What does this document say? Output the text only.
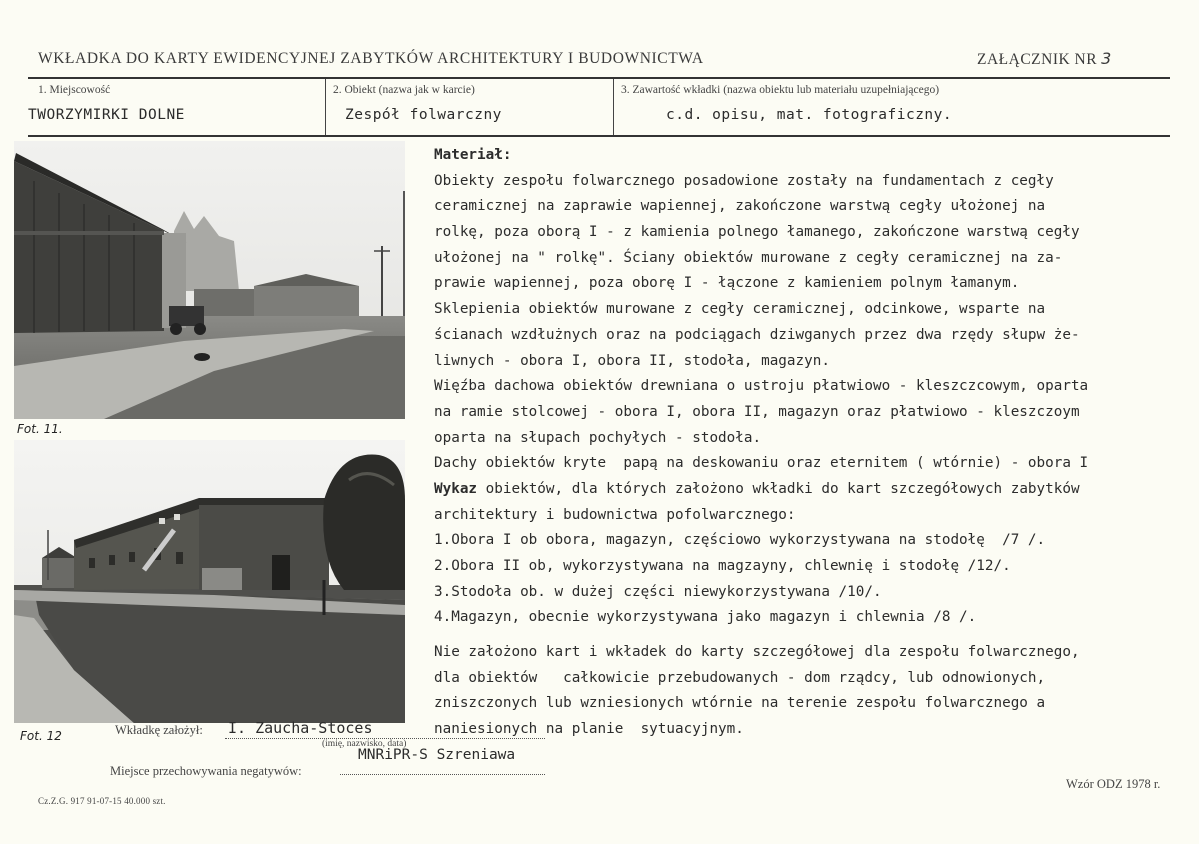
WKŁADKA DO KARTY EWIDENCYJNEJ ZABYTKÓW ARCHITEKTURY I BUDOWNICTWA	ZAŁĄCZNIK NR 3
1. Miejscowość
TWORZYMIRKI DOLNE
2. Obiekt (nazwa jak w karcie)
Zespół folwarczny
3. Zawartość wkładki (nazwa obiektu lub materiału uzupełniającego)
c.d. opisu, mat. fotograficzny.
Fot. 11.
Fot. 12
Materiał:
Obiekty zespołu folwarcznego posadowione zostały na fundamentach z cegły
ceramicznej na zaprawie wapiennej, zakończone warstwą cegły ułożonej na
rolkę, poza oborą I - z kamienia polnego łamanego, zakończone warstwą cegły
ułożonej na " rolkę". Ściany obiektów murowane z cegły ceramicznej na za-
prawie wapiennej, poza oborę I - łączone z kamieniem polnym łamanym.
Sklepienia obiektów murowane z cegły ceramicznej, odcinkowe, wsparte na
ścianach wzdłużnych oraz na podciągach dziwganych przez dwa rzędy słupw że-
liwnych - obora I, obora II, stodoła, magazyn.
Więźba dachowa obiektów drewniana o ustroju płatwiowo - kleszczcowym, oparta
na ramie stolcowej - obora I, obora II, magazyn oraz płatwiowo - kleszczoym
oparta na słupach pochyłych - stodoła.
Dachy obiektów kryte  papą na deskowaniu oraz eternitem ( wtórnie) - obora I
Wykaz obiektów, dla których założono wkładki do kart szczegółowych zabytków
architektury i budownictwa pofolwarcznego:
1.Obora I ob obora, magazyn, częściowo wykorzystywana na stodołę  /7 /.
2.Obora II ob, wykorzystywana na magzayny, chlewnię i stodołę /12/.
3.Stodoła ob. w dużej części niewykorzystywana /10/.
4.Magazyn, obecnie wykorzystywana jako magazyn i chlewnia /8 /.
Nie założono kart i wkładek do karty szczegółowej dla zespołu folwarcznego,
dla obiektów   całkowicie przebudowanych - dom rządcy, lub odnowionych,
zniszczonych lub wzniesionych wtórnie na terenie zespołu folwarcznego a
naniesionych na planie  sytuacyjnym.
Wkładkę założył: I. Zaucha-Stoces
(imię, nazwisko, data)
Miejsce przechowywania negatywów:
MNRiPR-S Szreniawa
Wzór ODZ 1978 r.
Cz.Z.G. 917 91-07-15 40.000 szt.
